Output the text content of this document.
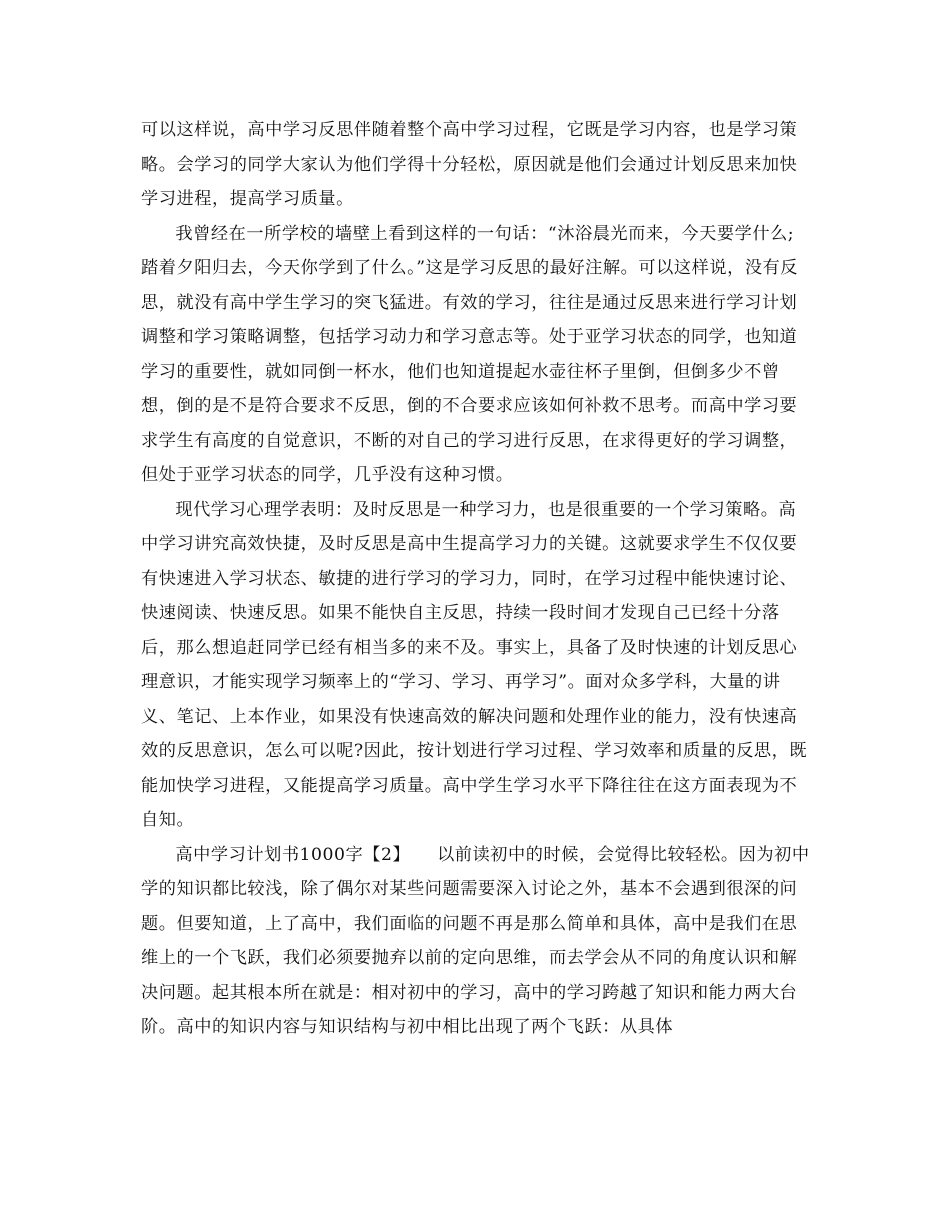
可以这样说，高中学习反思伴随着整个高中学习过程，它既是学习内容，也是学习策略。会学习的同学大家认为他们学得十分轻松，原因就是他们会通过计划反思来加快学习进程，提高学习质量。

我曾经在一所学校的墙壁上看到这样的一句话：“沐浴晨光而来，今天要学什么;踏着夕阳归去，今天你学到了什么。”这是学习反思的最好注解。可以这样说，没有反思，就没有高中学生学习的突飞猛进。有效的学习，往往是通过反思来进行学习计划调整和学习策略调整，包括学习动力和学习意志等。处于亚学习状态的同学，也知道学习的重要性，就如同倒一杯水，他们也知道提起水壶往杯子里倒，但倒多少不曾想，倒的是不是符合要求不反思，倒的不合要求应该如何补救不思考。而高中学习要求学生有高度的自觉意识，不断的对自己的学习进行反思，在求得更好的学习调整，但处于亚学习状态的同学，几乎没有这种习惯。

现代学习心理学表明：及时反思是一种学习力，也是很重要的一个学习策略。高中学习讲究高效快捷，及时反思是高中生提高学习力的关键。这就要求学生不仅仅要有快速进入学习状态、敏捷的进行学习的学习力，同时，在学习过程中能快速讨论、快速阅读、快速反思。如果不能快自主反思，持续一段时间才发现自己已经十分落后，那么想追赶同学已经有相当多的来不及。事实上，具备了及时快速的计划反思心理意识，才能实现学习频率上的“学习、学习、再学习”。面对众多学科，大量的讲义、笔记、上本作业，如果没有快速高效的解决问题和处理作业的能力，没有快速高效的反思意识，怎么可以呢?因此，按计划进行学习过程、学习效率和质量的反思，既能加快学习进程，又能提高学习质量。高中学生学习水平下降往往在这方面表现为不自知。

高中学习计划书1000字【2】　　以前读初中的时候，会觉得比较轻松。因为初中学的知识都比较浅，除了偶尔对某些问题需要深入讨论之外，基本不会遇到很深的问题。但要知道，上了高中，我们面临的问题不再是那么简单和具体，高中是我们在思维上的一个飞跃，我们必须要抛弃以前的定向思维，而去学会从不同的角度认识和解决问题。起其根本所在就是：相对初中的学习，高中的学习跨越了知识和能力两大台阶。高中的知识内容与知识结构与初中相比出现了两个飞跃：从具体
